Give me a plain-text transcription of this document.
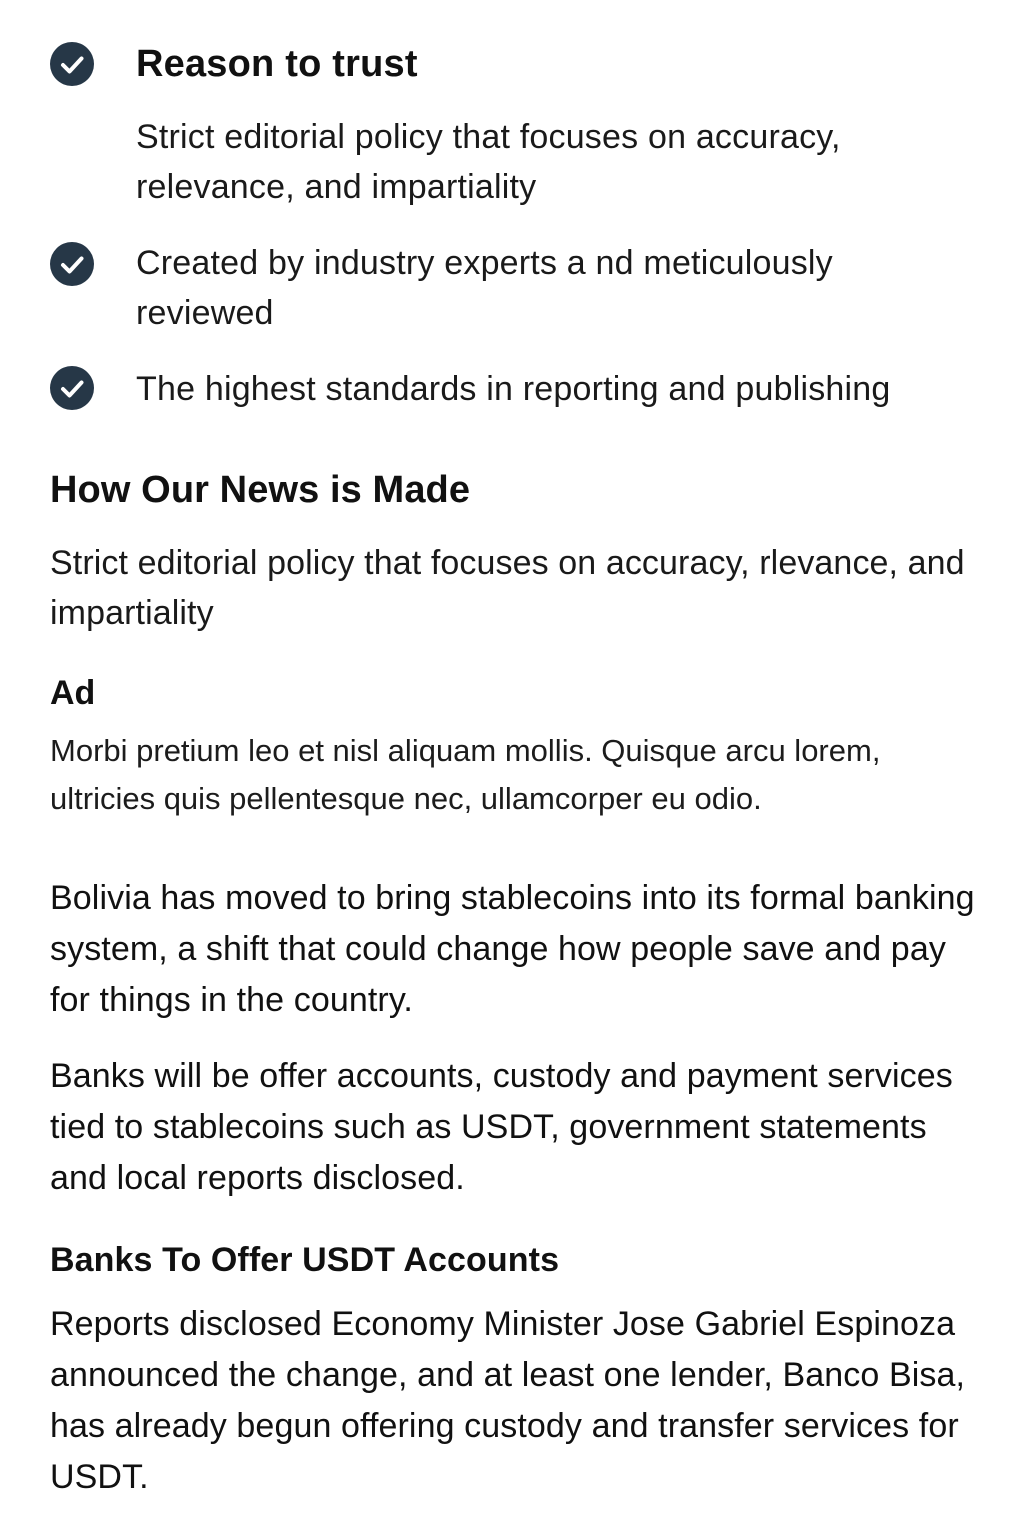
Reason to trust
Strict editorial policy that focuses on accuracy, relevance, and impartiality
Created by industry experts a nd meticulously reviewed
The highest standards in reporting and publishing
How Our News is Made
Strict editorial policy that focuses on accuracy, rlevance, and impartiality
Ad
Morbi pretium leo et nisl aliquam mollis. Quisque arcu lorem, ultricies quis pellentesque nec, ullamcorper eu odio.
Bolivia has moved to bring stablecoins into its formal banking system, a shift that could change how people save and pay for things in the country.
Banks will be offer accounts, custody and payment services tied to stablecoins such as USDT, government statements and local reports disclosed.
Banks To Offer USDT Accounts
Reports disclosed Economy Minister Jose Gabriel Espinoza announced the change, and at least one lender, Banco Bisa, has already begun offering custody and transfer services for USDT.
